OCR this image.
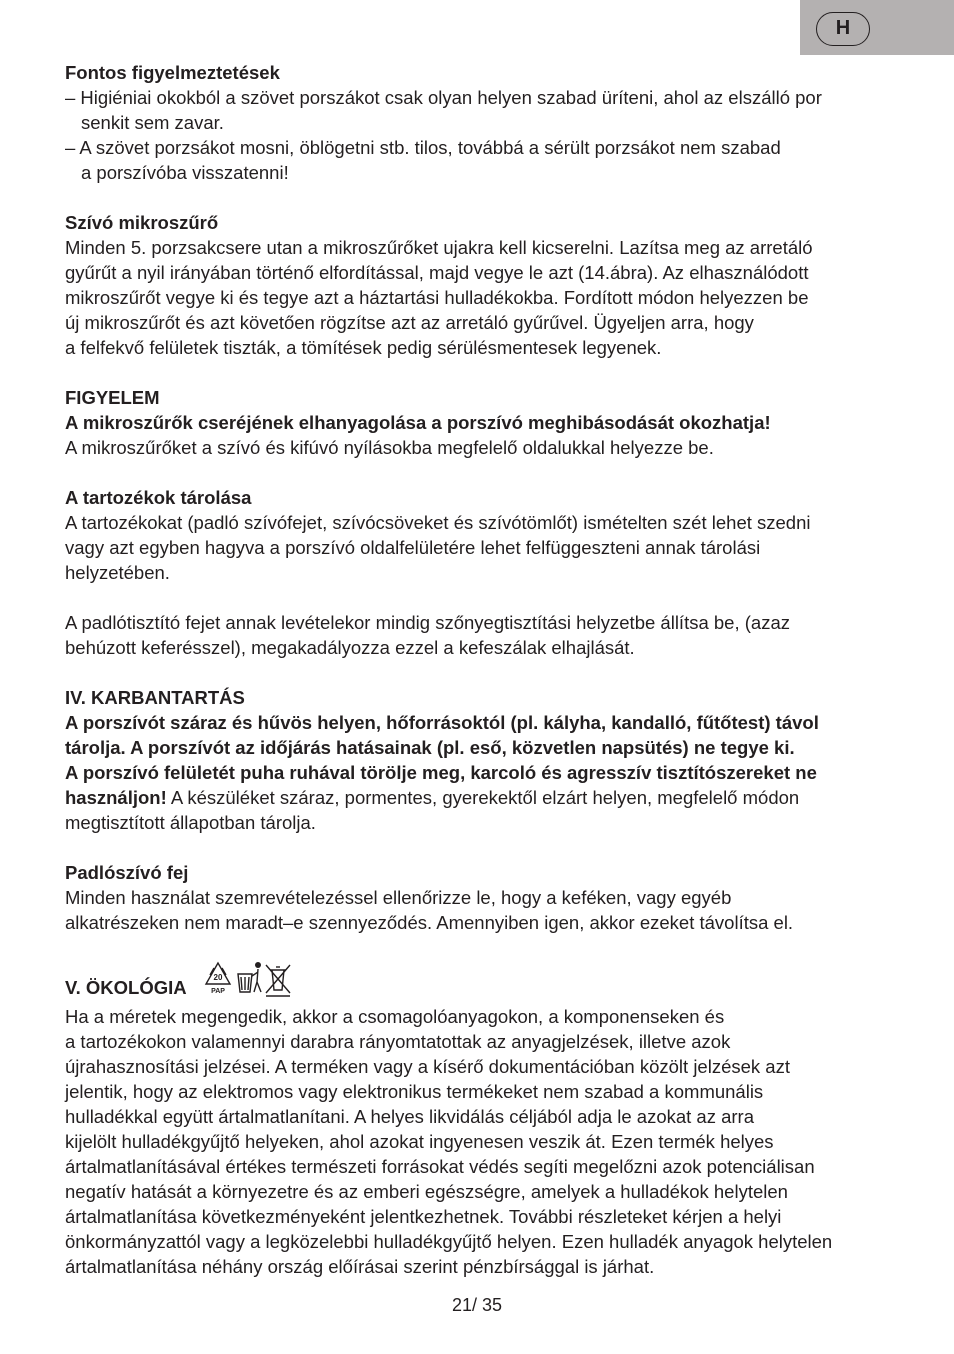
H
Fontos figyelmeztetések
– Higiéniai okokból a szövet porszákot csak olyan helyen szabad üríteni, ahol az elszálló por
senkit sem zavar.
– A szövet porzsákot mosni, öblögetni stb. tilos, továbbá a sérült porzsákot nem szabad
a porszívóba visszatenni!
Szívó mikroszűrő
Minden 5. porzsakcsere utan a mikroszűrőket ujakra kell kicserelni. Lazítsa meg az arretáló
gyűrűt a nyil irányában történő elfordítással, majd vegye le azt (14.ábra). Az elhasználódott
mikroszűrőt vegye ki és tegye azt a háztartási hulladékokba. Fordított módon helyezzen be
új mikroszűrőt és azt követően rögzítse azt az arretáló gyűrűvel. Ügyeljen arra, hogy
a felfekvő felületek tiszták, a tömítések pedig sérülésmentesek legyenek.
FIGYELEM
A mikroszűrők cseréjének elhanyagolása a porszívó meghibásodását okozhatja!
A mikroszűrőket a szívó és kifúvó nyílásokba megfelelő oldalukkal helyezze be.
A tartozékok tárolása
A tartozékokat (padló szívófejet, szívócsöveket és szívótömlőt) ismételten szét lehet szedni
vagy azt egyben hagyva a porszívó oldalfelületére lehet felfüggeszteni annak tárolási
helyzetében.
A padlótisztító fejet annak levételekor mindig szőnyegtisztítási helyzetbe állítsa be, (azaz
behúzott keferésszel), megakadályozza ezzel a kefeszálak elhajlását.
IV. KARBANTARTÁS
A porszívót száraz és hűvös helyen, hőforrásoktól (pl. kályha, kandalló, fűtőtest) távol
tárolja. A porszívót az időjárás hatásainak (pl. eső, közvetlen napsütés) ne tegye ki.
A porszívó felületét puha ruhával törölje meg, karcoló és agresszív tisztítószereket ne
használjon! A készüléket száraz, pormentes, gyerekektől elzárt helyen, megfelelő módon
megtisztított állapotban tárolja.
Padlószívó fej
Minden használat szemrevételezéssel ellenőrizze le, hogy a keféken, vagy egyéb
alkatrészeken nem maradt–e szennyeződés. Amennyiben igen, akkor ezeket távolítsa el.
V. ÖKOLÓGIA	20
PAP
Ha a méretek megengedik, akkor a csomagolóanyagokon, a komponenseken és
a tartozékokon valamennyi darabra rányomtatottak az anyagjelzések, illetve azok
újrahasznosítási jelzései. A terméken vagy a kísérő dokumentációban közölt jelzések azt
jelentik, hogy az elektromos vagy elektronikus termékeket nem szabad a kommunális
hulladékkal együtt ártalmatlanítani. A helyes likvidálás céljából adja le azokat az arra
kijelölt hulladékgyűjtő helyeken, ahol azokat ingyenesen veszik át. Ezen termék helyes
ártalmatlanításával értékes természeti forrásokat védés segíti megelőzni azok potenciálisan
negatív hatását a környezetre és az emberi egészségre, amelyek a hulladékok helytelen
ártalmatlanítása következményeként jelentkezhetnek. További részleteket kérjen a helyi
önkormányzattól vagy a legközelebbi hulladékgyűjtő helyen. Ezen hulladék anyagok helytelen
ártalmatlanítása néhány ország előírásai szerint pénzbírsággal is járhat.
21/ 35
